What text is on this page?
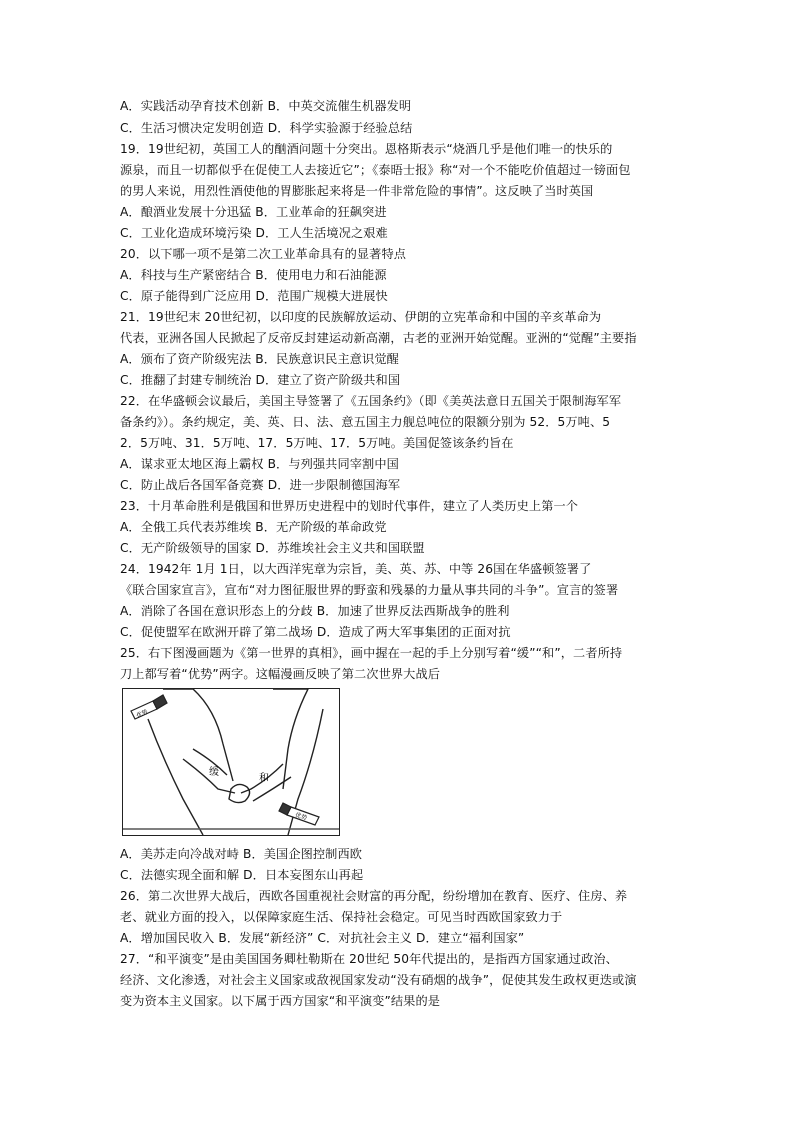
A．实践活动孕育技术创新 B．中英交流催生机器发明
C．生活习惯决定发明创造 D．科学实验源于经验总结
19．19世纪初，英国工人的酗酒问题十分突出。恩格斯表示“烧酒几乎是他们唯一的快乐的
源泉，而且一切都似乎在促使工人去接近它”；《泰晤士报》称“对一个不能吃价值超过一镑面包
的男人来说，用烈性酒使他的胃膨胀起来将是一件非常危险的事情”。这反映了当时英国
A．酿酒业发展十分迅猛 B．工业革命的狂飙突进
C．工业化造成环境污染 D．工人生活境况之艰难
20．以下哪一项不是第二次工业革命具有的显著特点
A．科技与生产紧密结合 B．使用电力和石油能源
C．原子能得到广泛应用 D．范围广规模大进展快
21．19世纪末 20世纪初，以印度的民族解放运动、伊朗的立宪革命和中国的辛亥革命为
代表，亚洲各国人民掀起了反帝反封建运动新高潮，古老的亚洲开始觉醒。亚洲的“觉醒”主要指
A．颁布了资产阶级宪法 B．民族意识民主意识觉醒
C．推翻了封建专制统治 D．建立了资产阶级共和国
22．在华盛顿会议最后，美国主导签署了《五国条约》（即《美英法意日五国关于限制海军军
备条约》）。条约规定，美、英、日、法、意五国主力舰总吨位的限额分别为 52．5万吨、5
2．5万吨、31．5万吨、17．5万吨、17．5万吨。美国促签该条约旨在
A．谋求亚太地区海上霸权 B．与列强共同宰割中国
C．防止战后各国军备竞赛 D．进一步限制德国海军
23．十月革命胜利是俄国和世界历史进程中的划时代事件，建立了人类历史上第一个
A．全俄工兵代表苏维埃 B．无产阶级的革命政党
C．无产阶级领导的国家 D．苏维埃社会主义共和国联盟
24．1942年 1月 1日，以大西洋宪章为宗旨，美、英、苏、中等 26国在华盛顿签署了
《联合国家宣言》，宣布“对力图征服世界的野蛮和残暴的力量从事共同的斗争”。宣言的签署
A．消除了各国在意识形态上的分歧 B．加速了世界反法西斯战争的胜利
C．促使盟军在欧洲开辟了第二战场 D．造成了两大军事集团的正面对抗
25．右下图漫画题为《第一世界的真相》，画中握在一起的手上分别写着“缓”“和”，二者所持
刀上都写着“优势”两字。这幅漫画反映了第二次世界大战后
优势
优势
缓
和
A．美苏走向冷战对峙 B．美国企图控制西欧
C．法德实现全面和解 D．日本妄图东山再起
26．第二次世界大战后，西欧各国重视社会财富的再分配，纷纷增加在教育、医疗、住房、养
老、就业方面的投入，以保障家庭生活、保持社会稳定。可见当时西欧国家致力于
A．增加国民收入 B．发展“新经济” C．对抗社会主义 D．建立“福利国家”
27．“和平演变”是由美国国务卿杜勒斯在 20世纪 50年代提出的，是指西方国家通过政治、
经济、文化渗透，对社会主义国家或敌视国家发动“没有硝烟的战争”，促使其发生政权更迭或演
变为资本主义国家。以下属于西方国家“和平演变”结果的是
